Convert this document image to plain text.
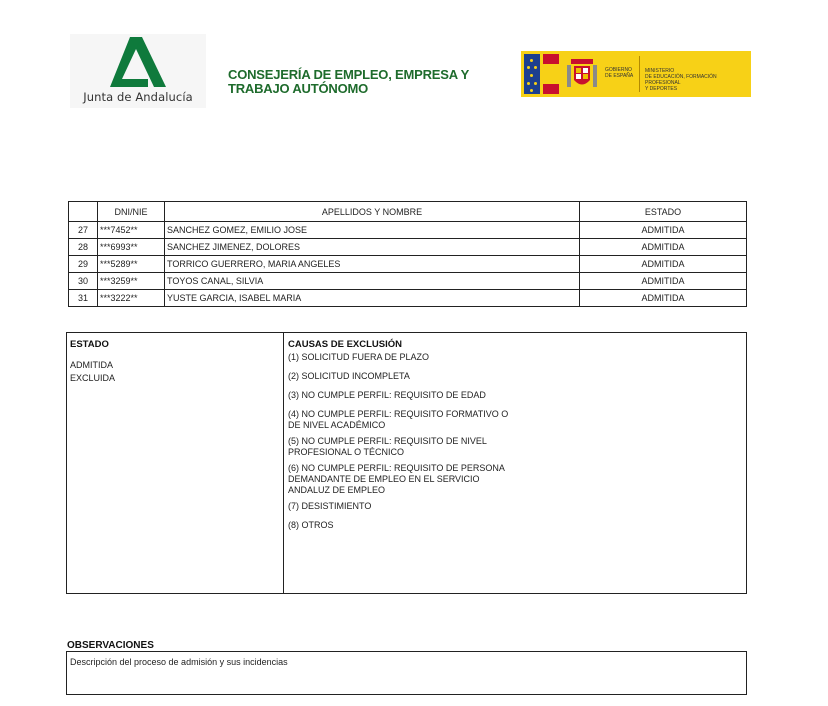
Junta de Andalucía
CONSEJERÍA DE EMPLEO, EMPRESA Y
TRABAJO AUTÓNOMO
GOBIERNO
DE ESPAÑA
MINISTERIO
DE EDUCACIÓN, FORMACIÓN PROFESIONAL
Y DEPORTES
	DNI/NIE	APELLIDOS Y NOMBRE	ESTADO
27	***7452**	SANCHEZ GOMEZ, EMILIO JOSE	ADMITIDA
28	***6993**	SANCHEZ JIMENEZ, DOLORES	ADMITIDA
29	***5289**	TORRICO GUERRERO, MARIA ANGELES	ADMITIDA
30	***3259**	TOYOS CANAL, SILVIA	ADMITIDA
31	***3222**	YUSTE GARCIA, ISABEL MARIA	ADMITIDA
ESTADO
ADMITIDA
EXCLUIDA
CAUSAS DE EXCLUSIÓN
(1) SOLICITUD FUERA DE PLAZO
(2) SOLICITUD INCOMPLETA
(3) NO CUMPLE PERFIL: REQUISITO DE EDAD
(4) NO CUMPLE PERFIL: REQUISITO FORMATIVO O
DE NIVEL ACADÉMICO
(5) NO CUMPLE PERFIL: REQUISITO DE NIVEL
PROFESIONAL O TÉCNICO
(6) NO CUMPLE PERFIL: REQUISITO DE PERSONA
DEMANDANTE DE EMPLEO EN EL SERVICIO
ANDALUZ DE EMPLEO
(7) DESISTIMIENTO
(8) OTROS
OBSERVACIONES
Descripción del proceso de admisión y sus incidencias
